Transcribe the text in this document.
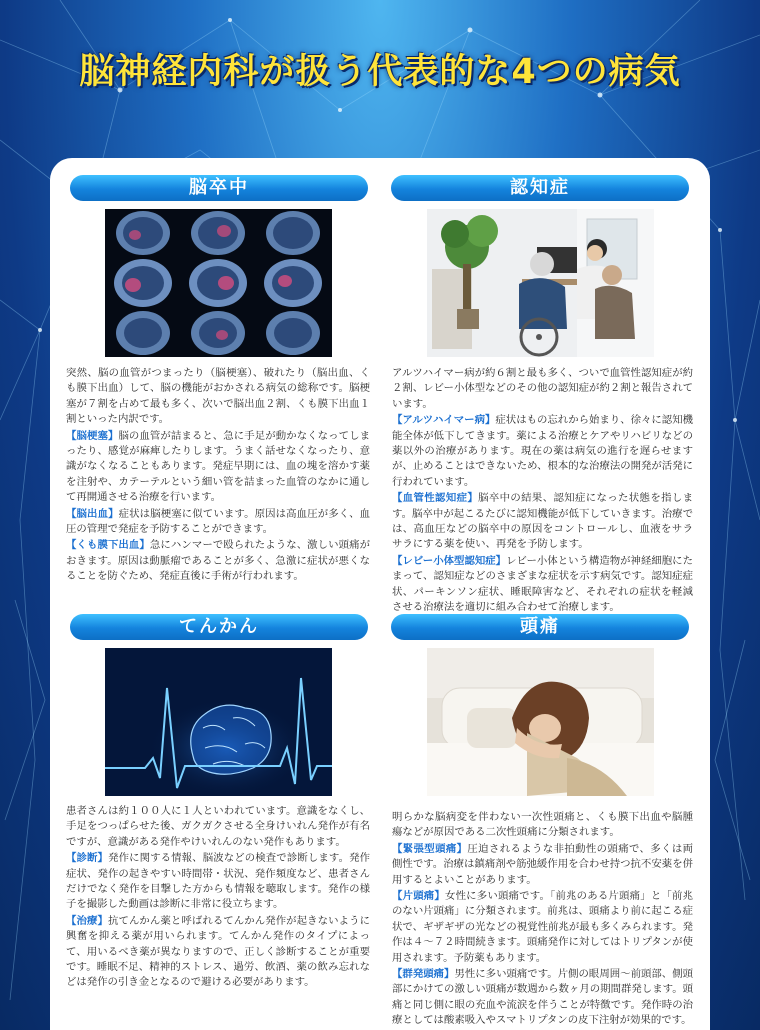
脳神経内科が扱う代表的な4つの病気
脳卒中

突然、脳の血管がつまったり（脳梗塞）、破れたり（脳出血、くも膜下出血）して、脳の機能がおかされる病気の総称です。脳梗塞が７割を占めて最も多く、次いで脳出血２割、くも膜下出血１割といった内訳です。

【脳梗塞】脳の血管が詰まると、急に手足が動かなくなってしまったり、感覚が麻痺したりします。うまく話せなくなったり、意識がなくなることもあります。発症早期には、血の塊を溶かす薬を注射や、カテーテルという細い管を詰まった血管のなかに通して再開通させる治療を行います。

【脳出血】症状は脳梗塞に似ています。原因は高血圧が多く、血圧の管理で発症を予防することができます。

【くも膜下出血】急にハンマーで殴られたような、激しい頭痛がおきます。原因は動脈瘤であることが多く、急激に症状が悪くなることを防ぐため、発症直後に手術が行われます。

認知症

アルツハイマー病が約６割と最も多く、ついで血管性認知症が約２割、レビー小体型などのその他の認知症が約２割と報告されています。

【アルツハイマー病】症状はもの忘れから始まり、徐々に認知機能全体が低下してきます。薬による治療とケアやリハビリなどの薬以外の治療があります。現在の薬は病気の進行を遅らせますが、止めることはできないため、根本的な治療法の開発が活発に行われています。

【血管性認知症】脳卒中の結果、認知症になった状態を指します。脳卒中が起こるたびに認知機能が低下していきます。治療では、高血圧などの脳卒中の原因をコントロールし、血液をサラサラにする薬を使い、再発を予防します。

【レビー小体型認知症】レビー小体という構造物が神経細胞にたまって、認知症などのさまざまな症状を示す病気です。認知症症状、パーキンソン症状、睡眠障害など、それぞれの症状を軽減させる治療法を適切に組み合わせて治療します。

てんかん

患者さんは約１００人に１人といわれています。意識をなくし、手足をつっぱらせた後、ガクガクさせる全身けいれん発作が有名ですが、意識がある発作やけいれんのない発作もあります。

【診断】発作に関する情報、脳波などの検査で診断します。発作症状、発作の起きやすい時間帯・状況、発作頻度など、患者さんだけでなく発作を目撃した方からも情報を聴取します。発作の様子を撮影した動画は診断に非常に役立ちます。

【治療】抗てんかん薬と呼ばれるてんかん発作が起きないように興奮を抑える薬が用いられます。てんかん発作のタイプによって、用いるべき薬が異なりますので、正しく診断することが重要です。睡眠不足、精神的ストレス、過労、飲酒、薬の飲み忘れなどは発作の引き金となるので避ける必要があります。

頭痛

明らかな脳病変を伴わない一次性頭痛と、くも膜下出血や脳腫瘍などが原因である二次性頭痛に分類されます。

【緊張型頭痛】圧迫されるような非拍動性の頭痛で、多くは両側性です。治療は鎮痛剤や筋弛緩作用を合わせ持つ抗不安薬を併用するとよいことがあります。

【片頭痛】女性に多い頭痛です。「前兆のある片頭痛」と「前兆のない片頭痛」に分類されます。前兆は、頭痛より前に起こる症状で、ギザギザの光などの視覚性前兆が最も多くみられます。発作は４～７２時間続きます。頭痛発作に対してはトリプタンが使用されます。予防薬もあります。

【群発頭痛】男性に多い頭痛です。片側の眼周囲～前頭部、側頭部にかけての激しい頭痛が数週から数ヶ月の期間群発します。頭痛と同じ側に眼の充血や流涙を伴うことが特徴です。発作時の治療としては酸素吸入やスマトリプタンの皮下注射が効果的です。
